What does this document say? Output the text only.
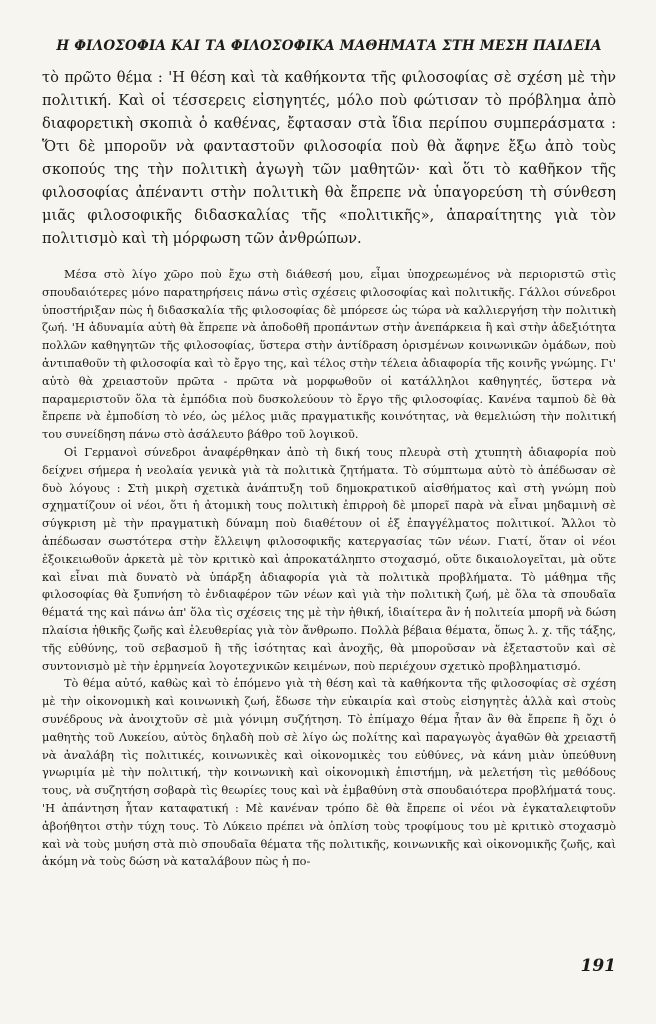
Η ΦΙΛΟΣΟΦΙΑ ΚΑΙ ΤΑ ΦΙΛΟΣΟΦΙΚΑ ΜΑΘΗΜΑΤΑ ΣΤΗ ΜΕΣΗ ΠΑΙΔΕΙΑ

τὸ πρῶτο θέμα : 'Η θέση καὶ τὰ καθήκοντα τῆς φιλοσοφίας σὲ σχέση μὲ τὴν πολιτική. Καὶ οἱ τέσσερεις εἰσηγητές, μόλο ποὺ φώτισαν τὸ πρόβλημα ἀπὸ διαφορετικὴ σκοπιὰ ὁ καθένας, ἔφτασαν στὰ ἴδια περίπου συμπεράσματα : Ὅτι δὲ μποροῦν νὰ φανταστοῦν φιλοσοφία ποὺ θὰ ἄφηνε ἔξω ἀπὸ τοὺς σκοπούς της τὴν πολιτικὴ ἀγωγὴ τῶν μαθητῶν· καὶ ὅτι τὸ καθῆκον τῆς φιλοσοφίας ἀπέναντι στὴν πολιτικὴ θὰ ἔπρεπε νὰ ὑπαγορεύση τὴ σύνθεση μιᾶς φιλοσοφικῆς διδασκαλίας τῆς «πολιτικῆς», ἀπαραίτητης γιὰ τὸν πολιτισμὸ καὶ τὴ μόρφωση τῶν ἀνθρώπων.

Μέσα στὸ λίγο χῶρο ποὺ ἔχω στὴ διάθεσή μου, εἶμαι ὑποχρεωμένος νὰ περιοριστῶ στὶς σπουδαιότερες μόνο παρατηρήσεις πάνω στὶς σχέσεις φιλοσοφίας καὶ πολιτικῆς. Γάλλοι σύνεδροι ὑποστήριξαν πὼς ἡ διδασκαλία τῆς φιλοσοφίας δὲ μπόρεσε ὡς τώρα νὰ καλλιεργήση τὴν πολιτικὴ ζωή. 'Η ἀδυναμία αὐτὴ θὰ ἔπρεπε νὰ ἀποδοθῆ προπάντων στὴν ἀνεπάρκεια ἢ καὶ στὴν ἀδεξιότητα πολλῶν καθηγητῶν τῆς φιλοσοφίας, ὕστερα στὴν ἀντίδραση ὁρισμένων κοινωνικῶν ὁμάδων, ποὺ ἀντιπαθοῦν τὴ φιλοσοφία καὶ τὸ ἔργο της, καὶ τέλος στὴν τέλεια ἀδιαφορία τῆς κοινῆς γνώμης. Γι' αὐτὸ θὰ χρειαστοῦν πρῶτα - πρῶτα νὰ μορφωθοῦν οἱ κατάλληλοι καθηγητές, ὕστερα νὰ παραμεριστοῦν ὅλα τὰ ἐμπόδια ποὺ δυσκολεύουν τὸ ἔργο τῆς φιλοσοφίας. Κανένα ταμποὺ δὲ θὰ ἔπρεπε νὰ ἐμποδίση τὸ νέο, ὡς μέλος μιᾶς πραγματικῆς κοινότητας, νὰ θεμελιώση τὴν πολιτική του συνείδηση πάνω στὸ ἀσάλευτο βάθρο τοῦ λογικοῦ.

Οἱ Γερμανοὶ σύνεδροι ἀναφέρθηκαν ἀπὸ τὴ δική τους πλευρὰ στὴ χτυπητὴ ἀδιαφορία ποὺ δείχνει σήμερα ἡ νεολαία γενικὰ γιὰ τὰ πολιτικὰ ζητήματα. Τὸ σύμπτωμα αὐτὸ τὸ ἀπέδωσαν σὲ δυὸ λόγους : Στὴ μικρὴ σχετικὰ ἀνάπτυξη τοῦ δημοκρατικοῦ αἰσθήματος καὶ στὴ γνώμη ποὺ σχηματίζουν οἱ νέοι, ὅτι ἡ ἀτομικὴ τους πολιτικὴ ἐπιρροὴ δὲ μπορεῖ παρὰ νὰ εἶναι μηδαμινὴ σὲ σύγκριση μὲ τὴν πραγματικὴ δύναμη ποὺ διαθέτουν οἱ ἐξ ἐπαγγέλματος πολιτικοί. Ἄλλοι τὸ ἀπέδωσαν σωστότερα στὴν ἔλλειψη φιλοσοφικῆς κατεργασίας τῶν νέων. Γιατί, ὅταν οἱ νέοι ἐξοικειωθοῦν ἀρκετὰ μὲ τὸν κριτικὸ καὶ ἀπροκατάληπτο στοχασμό, οὔτε δικαιολογεῖται, μὰ οὔτε καὶ εἶναι πιὰ δυνατὸ νὰ ὑπάρξη ἀδιαφορία γιὰ τὰ πολιτικὰ προβλήματα. Τὸ μάθημα τῆς φιλοσοφίας θὰ ξυπνήση τὸ ἐνδιαφέρον τῶν νέων καὶ γιὰ τὴν πολιτικὴ ζωή, μὲ ὅλα τὰ σπουδαῖα θέματά της καὶ πάνω ἀπ' ὅλα τὶς σχέσεις της μὲ τὴν ἠθική, ἰδιαίτερα ἂν ἡ πολιτεία μπορῆ νὰ δώση πλαίσια ἠθικῆς ζωῆς καὶ ἐλευθερίας γιὰ τὸν ἄνθρωπο. Πολλὰ βέβαια θέματα, ὅπως λ. χ. τῆς τάξης, τῆς εὐθύνης, τοῦ σεβασμοῦ ἢ τῆς ἰσότητας καὶ ἀνοχῆς, θὰ μποροῦσαν νὰ ἐξεταστοῦν καὶ σὲ συντονισμὸ μὲ τὴν ἑρμηνεία λογοτεχνικῶν κειμένων, ποὺ περιέχουν σχετικὸ προβληματισμό.

Τὸ θέμα αὐτό, καθὼς καὶ τὸ ἑπόμενο γιὰ τὴ θέση καὶ τὰ καθήκοντα τῆς φιλοσοφίας σὲ σχέση μὲ τὴν οἰκονομικὴ καὶ κοινωνικὴ ζωή, ἔδωσε τὴν εὐκαιρία καὶ στοὺς εἰσηγητὲς ἀλλὰ καὶ στοὺς συνέδρους νὰ ἀνοιχτοῦν σὲ μιὰ γόνιμη συζήτηση. Τὸ ἐπίμαχο θέμα ἦταν ἂν θὰ ἔπρεπε ἢ ὄχι ὁ μαθητὴς τοῦ Λυκείου, αὐτὸς δηλαδὴ ποὺ σὲ λίγο ὡς πολίτης καὶ παραγωγὸς ἀγαθῶν θὰ χρειαστῆ νὰ ἀναλάβη τὶς πολιτικές, κοινωνικὲς καὶ οἰκονομικὲς του εὐθύνες, νὰ κάνη μιὰν ὑπεύθυνη γνωριμία μὲ τὴν πολιτική, τὴν κοινωνικὴ καὶ οἰκονομικὴ ἐπιστήμη, νὰ μελετήση τὶς μεθόδους τους, νὰ συζητήση σοβαρὰ τὶς θεωρίες τους καὶ νὰ ἐμβαθύνη στὰ σπουδαιότερα προβλήματά τους. 'Η ἀπάντηση ἦταν καταφατική : Μὲ κανέναν τρόπο δὲ θὰ ἔπρεπε οἱ νέοι νὰ ἐγκαταλειφτοῦν ἀβοήθητοι στὴν τύχη τους. Τὸ Λύκειο πρέπει νὰ ὁπλίση τοὺς τροφίμους του μὲ κριτικὸ στοχασμὸ καὶ νὰ τοὺς μυήση στὰ πιὸ σπουδαῖα θέματα τῆς πολιτικῆς, κοινωνικῆς καὶ οἰκονομικῆς ζωῆς, καὶ ἀκόμη νὰ τοὺς δώση νὰ καταλάβουν πὼς ἡ πο-

191
